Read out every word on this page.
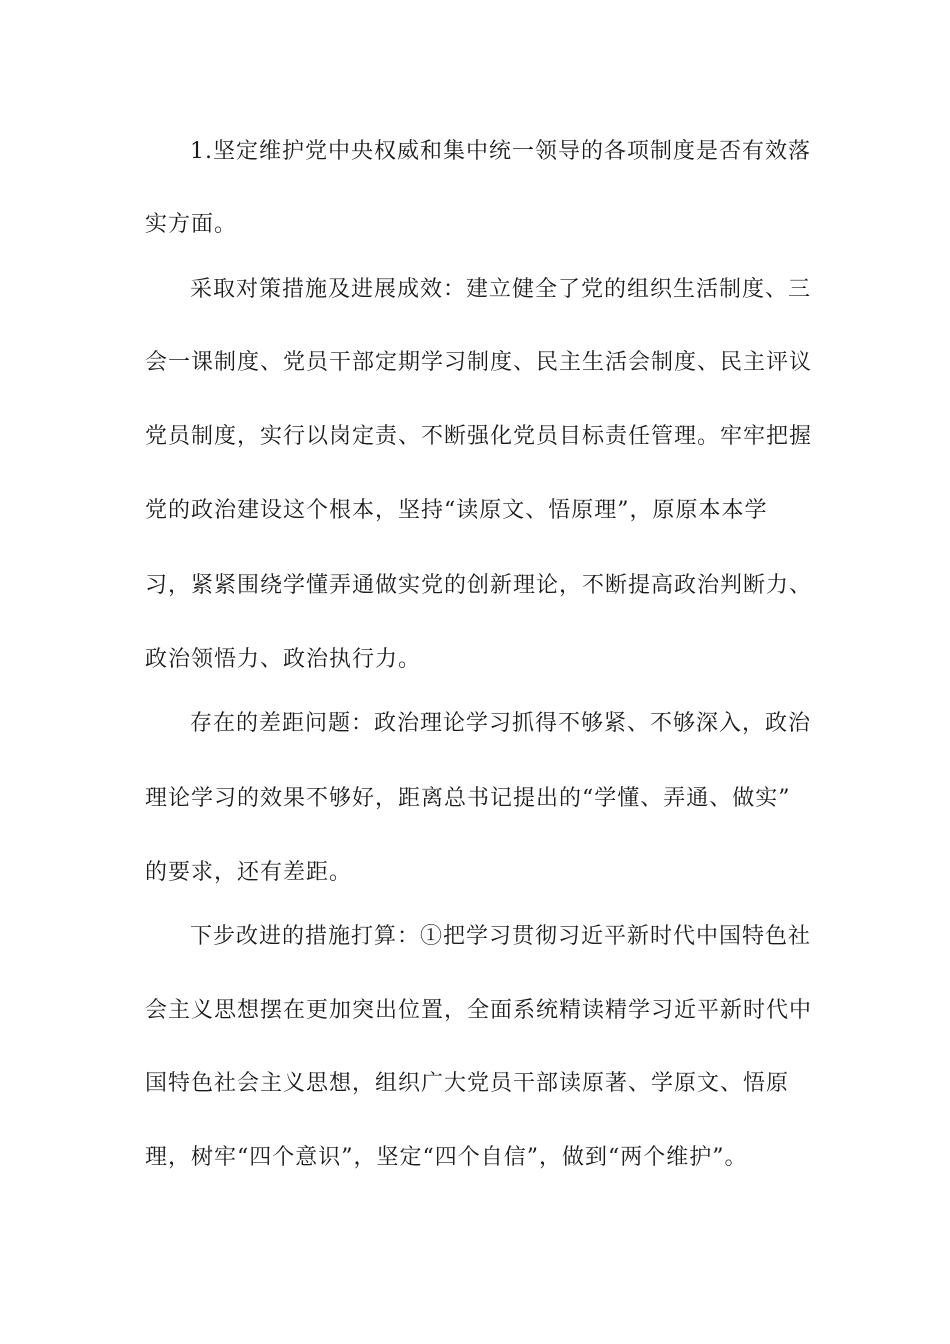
1.坚定维护党中央权威和集中统一领导的各项制度是否有效落
实方面。
采取对策措施及进展成效：建立健全了党的组织生活制度、三
会一课制度、党员干部定期学习制度、民主生活会制度、民主评议
党员制度，实行以岗定责、不断强化党员目标责任管理。牢牢把握
党的政治建设这个根本，坚持“读原文、悟原理”，原原本本学
习，紧紧围绕学懂弄通做实党的创新理论，不断提高政治判断力、
政治领悟力、政治执行力。
存在的差距问题：政治理论学习抓得不够紧、不够深入，政治
理论学习的效果不够好，距离总书记提出的“学懂、弄通、做实”
的要求，还有差距。
下步改进的措施打算：①把学习贯彻习近平新时代中国特色社
会主义思想摆在更加突出位置，全面系统精读精学习近平新时代中
国特色社会主义思想，组织广大党员干部读原著、学原文、悟原
理，树牢“四个意识”，坚定“四个自信”，做到“两个维护”。
